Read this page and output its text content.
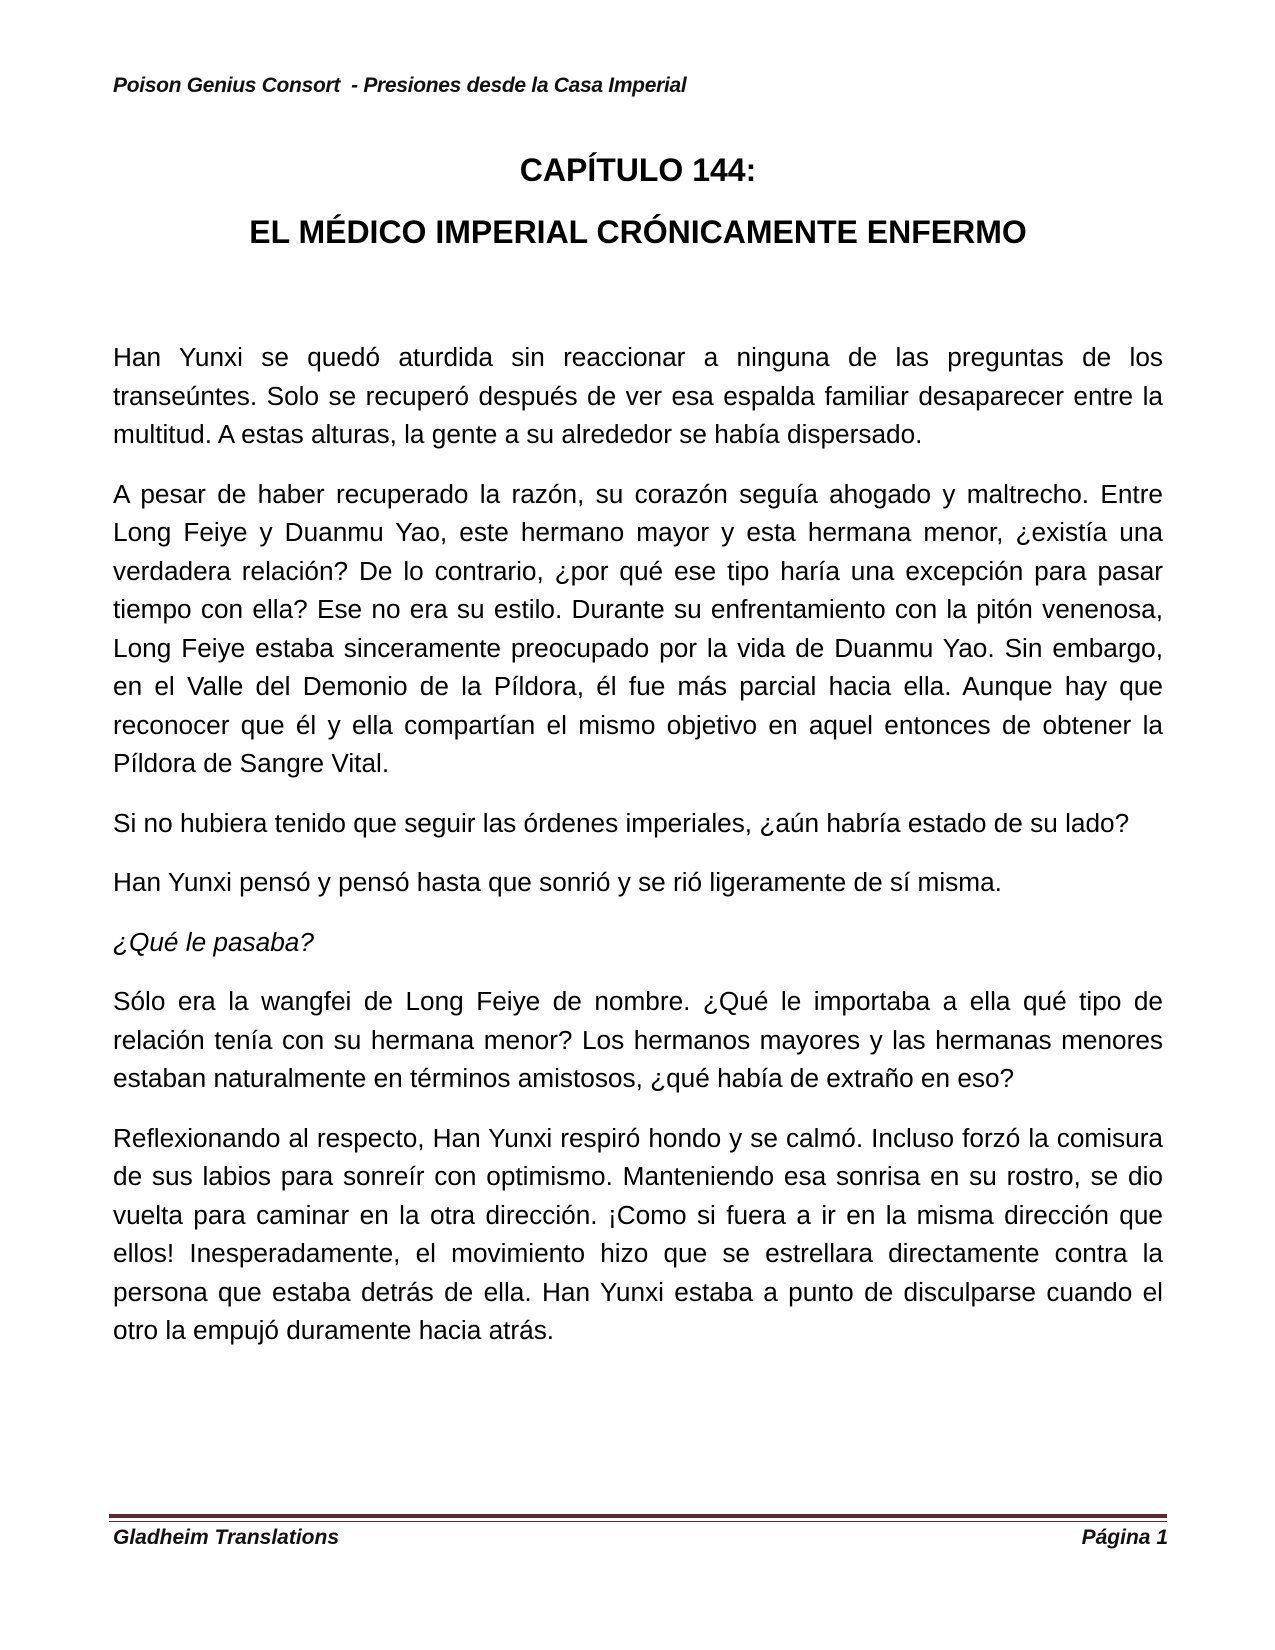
Poison Genius Consort  - Presiones desde la Casa Imperial
CAPÍTULO 144:
EL MÉDICO IMPERIAL CRÓNICAMENTE ENFERMO

Han Yunxi se quedó aturdida sin reaccionar a ninguna de las preguntas de los transeúntes. Solo se recuperó después de ver esa espalda familiar desaparecer entre la multitud. A estas alturas, la gente a su alrededor se había dispersado.

A pesar de haber recuperado la razón, su corazón seguía ahogado y maltrecho. Entre Long Feiye y Duanmu Yao, este hermano mayor y esta hermana menor, ¿existía una verdadera relación? De lo contrario, ¿por qué ese tipo haría una excepción para pasar tiempo con ella? Ese no era su estilo. Durante su enfrentamiento con la pitón venenosa, Long Feiye estaba sinceramente preocupado por la vida de Duanmu Yao. Sin embargo, en el Valle del Demonio de la Píldora, él fue más parcial hacia ella. Aunque hay que reconocer que él y ella compartían el mismo objetivo en aquel entonces de obtener la Píldora de Sangre Vital.

Si no hubiera tenido que seguir las órdenes imperiales, ¿aún habría estado de su lado?

Han Yunxi pensó y pensó hasta que sonrió y se rió ligeramente de sí misma.

¿Qué le pasaba?

Sólo era la wangfei de Long Feiye de nombre. ¿Qué le importaba a ella qué tipo de relación tenía con su hermana menor? Los hermanos mayores y las hermanas menores estaban naturalmente en términos amistosos, ¿qué había de extraño en eso?

Reflexionando al respecto, Han Yunxi respiró hondo y se calmó. Incluso forzó la comisura de sus labios para sonreír con optimismo. Manteniendo esa sonrisa en su rostro, se dio vuelta para caminar en la otra dirección. ¡Como si fuera a ir en la misma dirección que ellos! Inesperadamente, el movimiento hizo que se estrellara directamente contra la persona que estaba detrás de ella. Han Yunxi estaba a punto de disculparse cuando el otro la empujó duramente hacia atrás.

Gladheim Translations	Página 1
